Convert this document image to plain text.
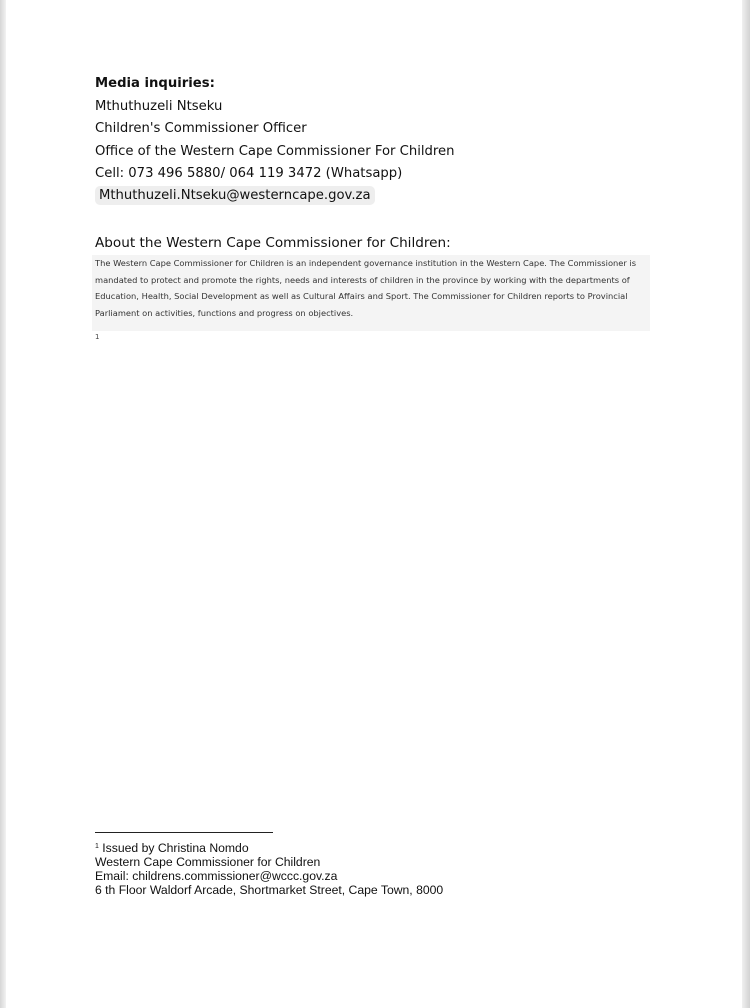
Media inquiries:
Mthuthuzeli Ntseku
Children's Commissioner Officer
Office of the Western Cape Commissioner For Children
Cell: 073 496 5880/ 064 119 3472 (Whatsapp)
Mthuthuzeli.Ntseku@westerncape.gov.za
About the Western Cape Commissioner for Children:
The Western Cape Commissioner for Children is an independent governance institution in the Western Cape. The Commissioner is mandated to protect and promote the rights, needs and interests of children in the province by working with the departments of Education, Health, Social Development as well as Cultural Affairs and Sport. The Commissioner for Children reports to Provincial Parliament on activities, functions and progress on objectives.
1
$^1$ Issued by Christina Nomdo
Western Cape Commissioner for Children
Email: childrens.commissioner@wccc.gov.za
6 th Floor Waldorf Arcade, Shortmarket Street, Cape Town, 8000
